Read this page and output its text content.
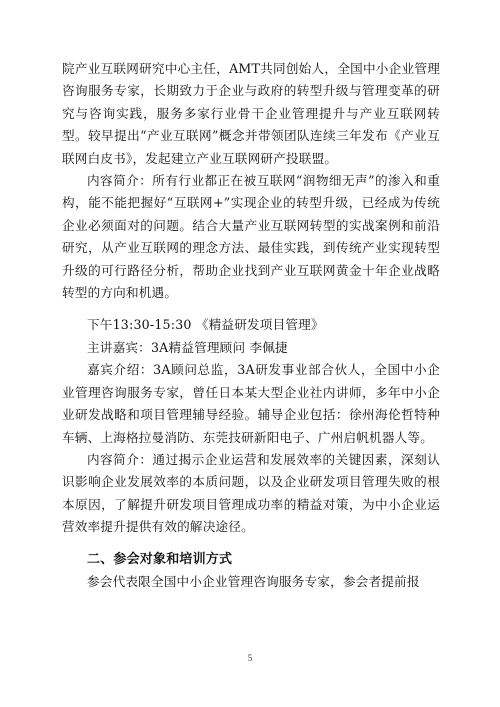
院产业互联网研究中心主任，AMT共同创始人，全国中小企业管理咨询服务专家，长期致力于企业与政府的转型升级与管理变革的研究与咨询实践，服务多家行业骨干企业管理提升与产业互联网转型。较早提出“产业互联网”概念并带领团队连续三年发布《产业互联网白皮书》，发起建立产业互联网研产投联盟。

内容简介：所有行业都正在被互联网“润物细无声”的渗入和重构，能不能把握好“互联网+”实现企业的转型升级，已经成为传统企业必须面对的问题。结合大量产业互联网转型的实战案例和前沿研究，从产业互联网的理念方法、最佳实践，到传统产业实现转型升级的可行路径分析，帮助企业找到产业互联网黄金十年企业战略转型的方向和机遇。

下午13:30-15:30 《精益研发项目管理》

主讲嘉宾：3A精益管理顾问 李佩捷

嘉宾介绍：3A顾问总监，3A研发事业部合伙人，全国中小企业管理咨询服务专家，曾任日本某大型企业社内讲师，多年中小企业研发战略和项目管理辅导经验。辅导企业包括：徐州海伦哲特种车辆、上海格拉曼消防、东莞技研新阳电子、广州启帆机器人等。

内容简介：通过揭示企业运营和发展效率的关键因素，深刻认识影响企业发展效率的本质问题，以及企业研发项目管理失败的根本原因，了解提升研发项目管理成功率的精益对策，为中小企业运营效率提升提供有效的解决途径。

二、参会对象和培训方式

参会代表限全国中小企业管理咨询服务专家，参会者提前报

5
